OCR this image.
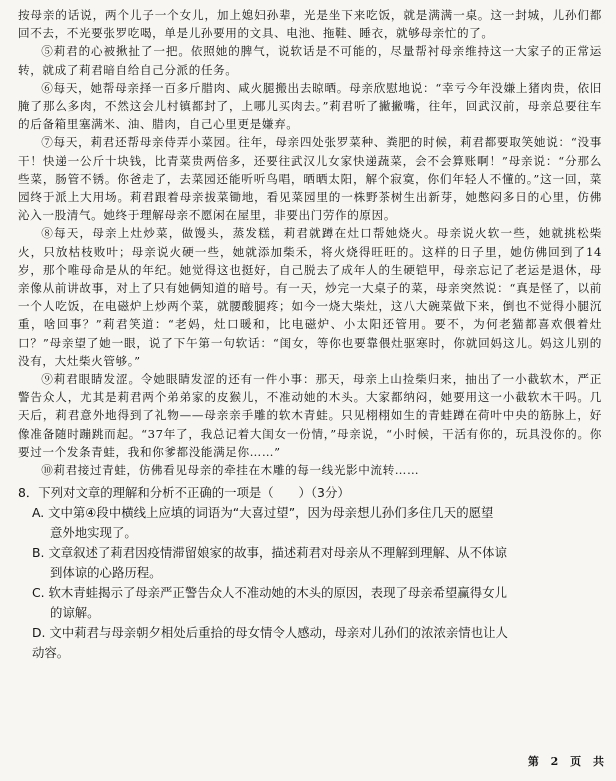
按母亲的话说，两个儿子一个女儿，加上媳妇孙辈，光是坐下来吃饭，就是满满一桌。这一封城，儿孙们都回不去，不光要张罗吃喝，单是儿孙要用的文具、电池、拖鞋、睡衣，就够母亲忙的了。

⑤莉君的心被揪扯了一把。依照她的脾气，说软话是不可能的，尽量帮衬母亲维持这一大家子的正常运转，就成了莉君暗自给自己分派的任务。

⑥每天，她帮母亲择一百多斤腊肉、咸火腿搬出去晾晒。母亲欣慰地说：“幸亏今年没嫌上猪肉贵，依旧腌了那么多肉，不然这会儿村镇都封了，上哪儿买肉去。”莉君听了撇撇嘴，往年，回武汉前，母亲总要往车的后备箱里塞满米、油、腊肉，自己心里更是嫌弃。

⑦每天，莉君还帮母亲侍弄小菜园。往年，母亲四处张罗菜种、粪肥的时候，莉君都要取笑她说：“没事干！快递一公斤十块钱，比青菜贵两倍多，还要往武汉儿女家快递蔬菜，会不会算账啊！”母亲说：“分那么些菜，肠管不锈。你爸走了，去菜园还能听听鸟唱，晒晒太阳，解个寂寞，你们年轻人不懂的。”这一回，菜园终于派上大用场。莉君跟着母亲拔菜锄地，看见菜园里的一株野茶树生出新芽，她憋闷多日的心里，仿佛沁入一股清气。她终于理解母亲不愿闲在屋里，非要出门劳作的原因。

⑧每天，母亲上灶炒菜，做馒头，蒸发糕，莉君就蹲在灶口帮她烧火。母亲说火软一些，她就挑松柴火，只放枯枝败叶；母亲说火硬一些，她就添加柴禾，将火烧得旺旺的。这样的日子里，她仿佛回到了14岁，那个唯母命是从的年纪。她觉得这也挺好，自己脱去了成年人的生硬铠甲，母亲忘记了老运是退休，母亲像从前讲故事，对上了只有她俩知道的暗号。有一天，炒完一大桌子的菜，母亲突然说：“真是怪了，以前一个人吃饭，在电磁炉上炒两个菜，就腰酸腿疼；如今一烧大柴灶，这八大碗菜做下来，倒也不觉得小腿沉重，啥回事？”莉君笑道：“老妈，灶口暖和，比电磁炉、小太阳还管用。要不，为何老猫都喜欢偎着灶口？”母亲望了她一眼，说了下午第一句软话：“闺女，等你也要靠偎灶驱寒时，你就回妈这儿。妈这儿别的没有，大灶柴火管够。”

⑨莉君眼睛发涩。令她眼睛发涩的还有一件小事：那天，母亲上山捡柴归来，抽出了一小截软木，严正警告众人，尤其是莉君两个弟弟家的皮猴儿，不准动她的木头。大家都纳闷，她要用这一小截软木干吗。几天后，莉君意外地得到了礼物——母亲亲手雕的软木青蛙。只见栩栩如生的青蛙蹲在荷叶中央的筋脉上，好像准备随时蹦跳而起。“37年了，我总记着大闺女一份情，”母亲说，“小时候，干活有你的，玩具没你的。你要过一个发条青蛙，我和你爹都没能满足你……”

⑩莉君接过青蛙，仿佛看见母亲的牵挂在木雕的每一线光影中流转……

8．下列对文章的理解和分析不正确的一项是（　　）（3分）

A. 文中第④段中横线上应填的词语为“大喜过望”，因为母亲想儿孙们多住几天的愿望
意外地实现了。

B. 文章叙述了莉君因疫情滞留娘家的故事，描述莉君对母亲从不理解到理解、从不体谅
到体谅的心路历程。

C. 软木青蛙揭示了母亲严正警告众人不准动她的木头的原因，表现了母亲希望赢得女儿
的谅解。

D. 文中莉君与母亲朝夕相处后重拾的母女情令人感动，母亲对儿孙们的浓浓亲情也让人
动容。

第 2 页 共
